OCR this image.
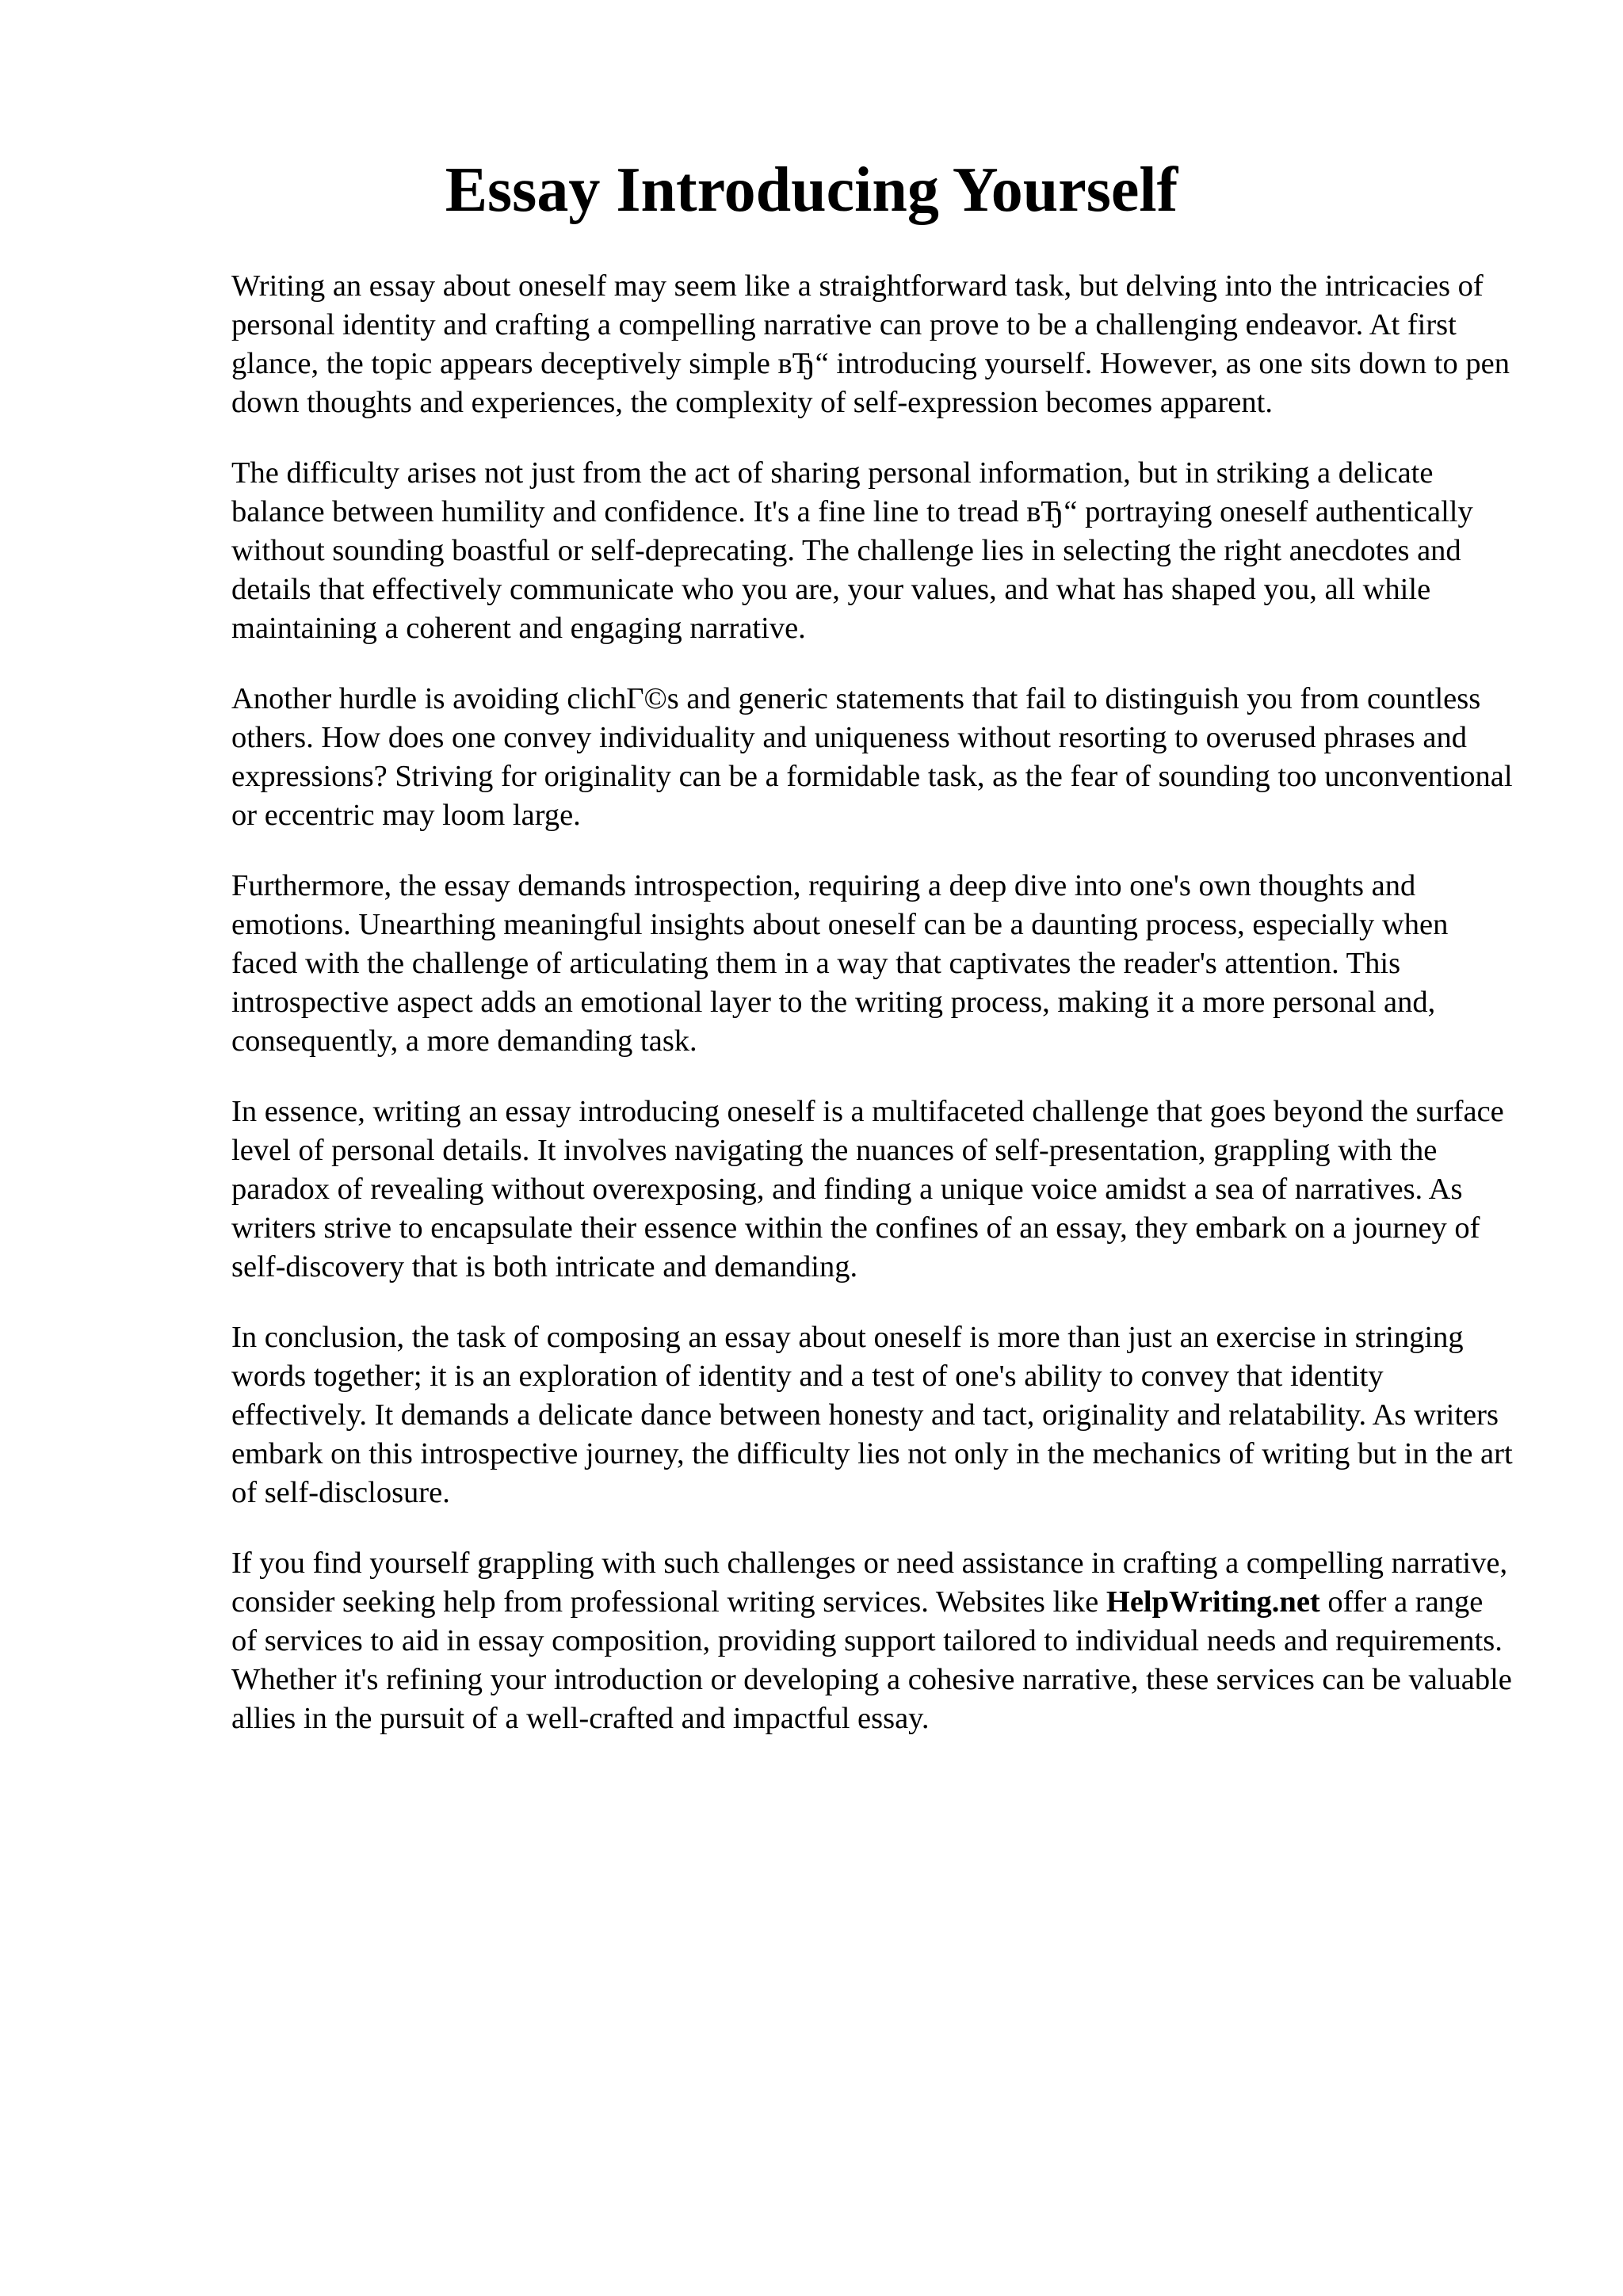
Essay Introducing Yourself

Writing an essay about oneself may seem like a straightforward task, but delving into the intricacies of personal identity and crafting a compelling narrative can prove to be a challenging endeavor. At first glance, the topic appears deceptively simple вЂ“ introducing yourself. However, as one sits down to pen down thoughts and experiences, the complexity of self-expression becomes apparent.

The difficulty arises not just from the act of sharing personal information, but in striking a delicate balance between humility and confidence. It's a fine line to tread вЂ“ portraying oneself authentically without sounding boastful or self-deprecating. The challenge lies in selecting the right anecdotes and details that effectively communicate who you are, your values, and what has shaped you, all while maintaining a coherent and engaging narrative.

Another hurdle is avoiding clichГ©s and generic statements that fail to distinguish you from countless others. How does one convey individuality and uniqueness without resorting to overused phrases and expressions? Striving for originality can be a formidable task, as the fear of sounding too unconventional or eccentric may loom large.

Furthermore, the essay demands introspection, requiring a deep dive into one's own thoughts and emotions. Unearthing meaningful insights about oneself can be a daunting process, especially when faced with the challenge of articulating them in a way that captivates the reader's attention. This introspective aspect adds an emotional layer to the writing process, making it a more personal and, consequently, a more demanding task.

In essence, writing an essay introducing oneself is a multifaceted challenge that goes beyond the surface level of personal details. It involves navigating the nuances of self-presentation, grappling with the paradox of revealing without overexposing, and finding a unique voice amidst a sea of narratives. As writers strive to encapsulate their essence within the confines of an essay, they embark on a journey of self-discovery that is both intricate and demanding.

In conclusion, the task of composing an essay about oneself is more than just an exercise in stringing words together; it is an exploration of identity and a test of one's ability to convey that identity effectively. It demands a delicate dance between honesty and tact, originality and relatability. As writers embark on this introspective journey, the difficulty lies not only in the mechanics of writing but in the art of self-disclosure.

If you find yourself grappling with such challenges or need assistance in crafting a compelling narrative, consider seeking help from professional writing services. Websites like HelpWriting.net offer a range of services to aid in essay composition, providing support tailored to individual needs and requirements. Whether it's refining your introduction or developing a cohesive narrative, these services can be valuable allies in the pursuit of a well-crafted and impactful essay.
